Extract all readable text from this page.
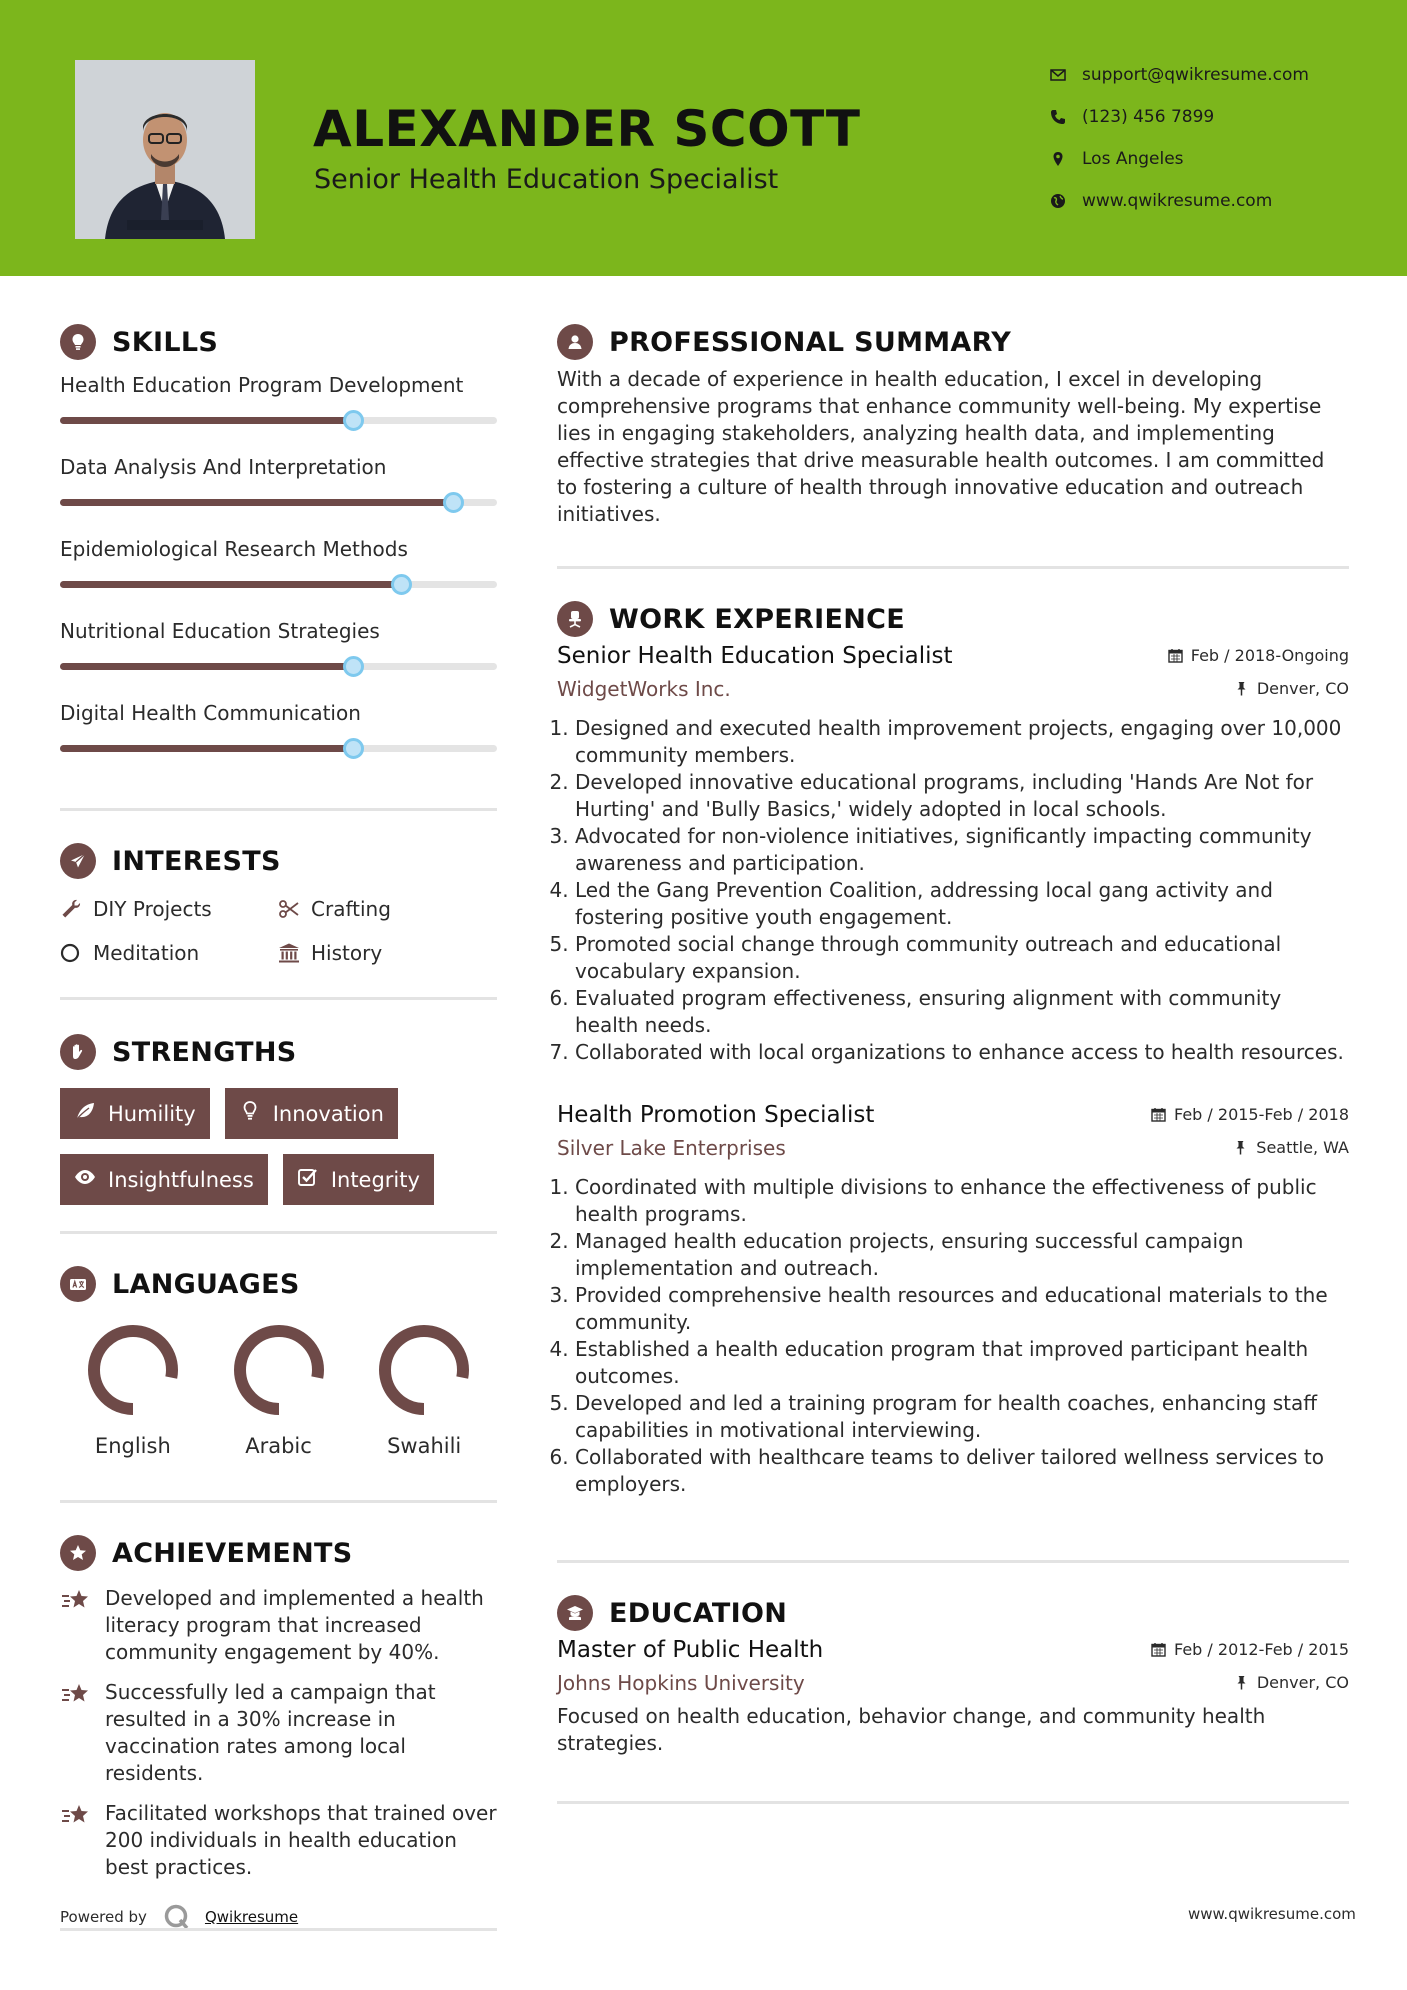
ALEXANDER SCOTT
Senior Health Education Specialist
support@qwikresume.com
(123) 456 7899
Los Angeles
www.qwikresume.com
SKILLS
Health Education Program Development
Data Analysis And Interpretation
Epidemiological Research Methods
Nutritional Education Strategies
Digital Health Communication
INTERESTS
DIY Projects	Crafting
Meditation	History
STRENGTHS
Humility	Innovation
Insightfulness	Integrity
LANGUAGES
English	Arabic	Swahili
ACHIEVEMENTS
Developed and implemented a health literacy program that increased community engagement by 40%.
Successfully led a campaign that resulted in a 30% increase in vaccination rates among local residents.
Facilitated workshops that trained over 200 individuals in health education best practices.
PROFESSIONAL SUMMARY

With a decade of experience in health education, I excel in developing comprehensive programs that enhance community well-being. My expertise lies in engaging stakeholders, analyzing health data, and implementing effective strategies that drive measurable health outcomes. I am committed to fostering a culture of health through innovative education and outreach initiatives.

WORK EXPERIENCE
Senior Health Education Specialist	Feb / 2018-Ongoing
WidgetWorks Inc.	Denver, CO
1. Designed and executed health improvement projects, engaging over 10,000 community members.
2. Developed innovative educational programs, including 'Hands Are Not for Hurting' and 'Bully Basics,' widely adopted in local schools.
3. Advocated for non-violence initiatives, significantly impacting community awareness and participation.
4. Led the Gang Prevention Coalition, addressing local gang activity and fostering positive youth engagement.
5. Promoted social change through community outreach and educational vocabulary expansion.
6. Evaluated program effectiveness, ensuring alignment with community health needs.
7. Collaborated with local organizations to enhance access to health resources.
Health Promotion Specialist	Feb / 2015-Feb / 2018
Silver Lake Enterprises	Seattle, WA
1. Coordinated with multiple divisions to enhance the effectiveness of public health programs.
2. Managed health education projects, ensuring successful campaign implementation and outreach.
3. Provided comprehensive health resources and educational materials to the community.
4. Established a health education program that improved participant health outcomes.
5. Developed and led a training program for health coaches, enhancing staff capabilities in motivational interviewing.
6. Collaborated with healthcare teams to deliver tailored wellness services to employers.
EDUCATION
Master of Public Health	Feb / 2012-Feb / 2015
Johns Hopkins University	Denver, CO

Focused on health education, behavior change, and community health strategies.

Powered by	Qwikresume	www.qwikresume.com
